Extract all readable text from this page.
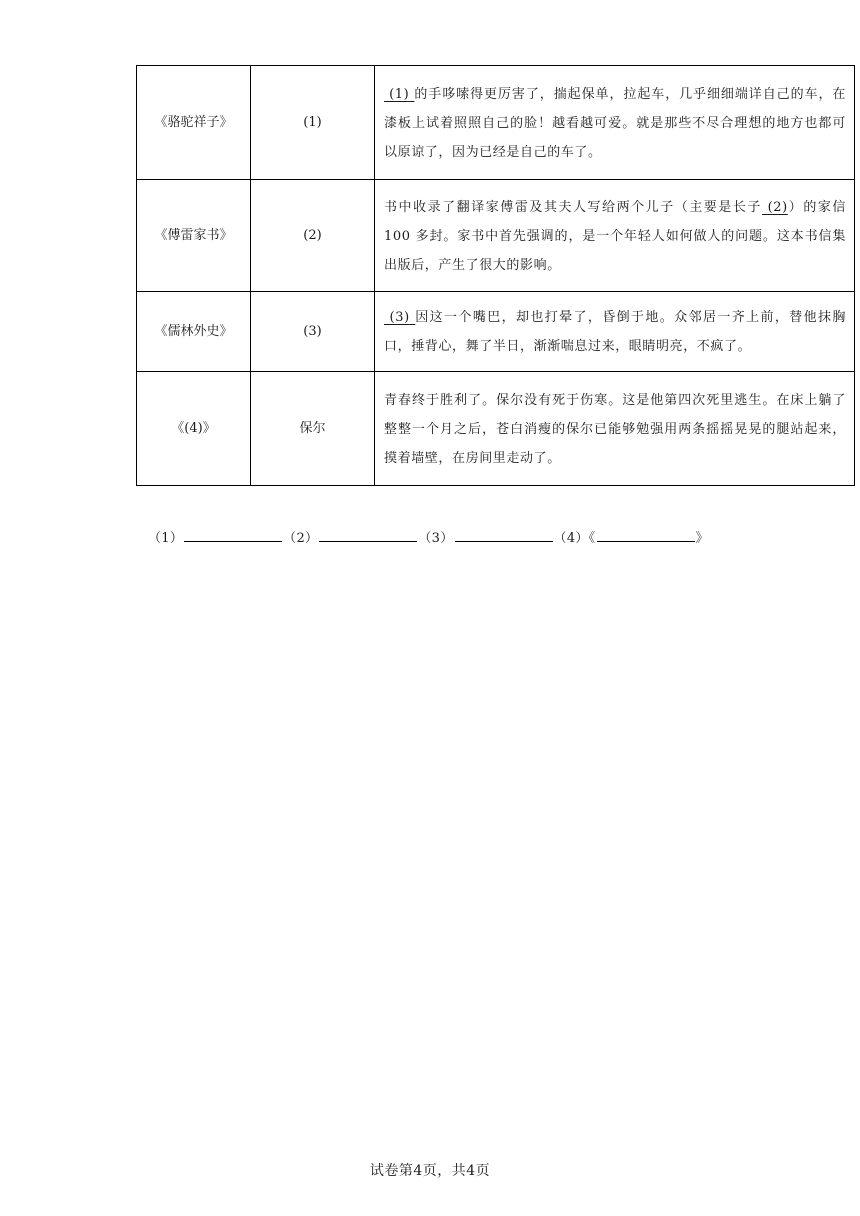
《骆驼祥子》	(1)	(1) 的手哆嗦得更厉害了，揣起保单，拉起车，几乎细细端详自己的车，在漆板上试着照照自己的脸！越看越可爱。就是那些不尽合理想的地方也都可以原谅了，因为已经是自己的车了。
《傅雷家书》	(2)	书中收录了翻译家傅雷及其夫人写给两个儿子（主要是长子 (2)）的家信 100 多封。家书中首先强调的，是一个年轻人如何做人的问题。这本书信集出版后，产生了很大的影响。
《儒林外史》	(3)	(3) 因这一个嘴巴，却也打晕了，昏倒于地。众邻居一齐上前，替他抹胸口，捶背心，舞了半日，渐渐喘息过来，眼睛明亮，不疯了。
《(4)》	保尔	青春终于胜利了。保尔没有死于伤寒。这是他第四次死里逃生。在床上躺了整整一个月之后，苍白消瘦的保尔已能够勉强用两条摇摇晃晃的腿站起来，摸着墙壁，在房间里走动了。
（1）	（2）	（3）	（4）《	》
试卷第4页，共4页
